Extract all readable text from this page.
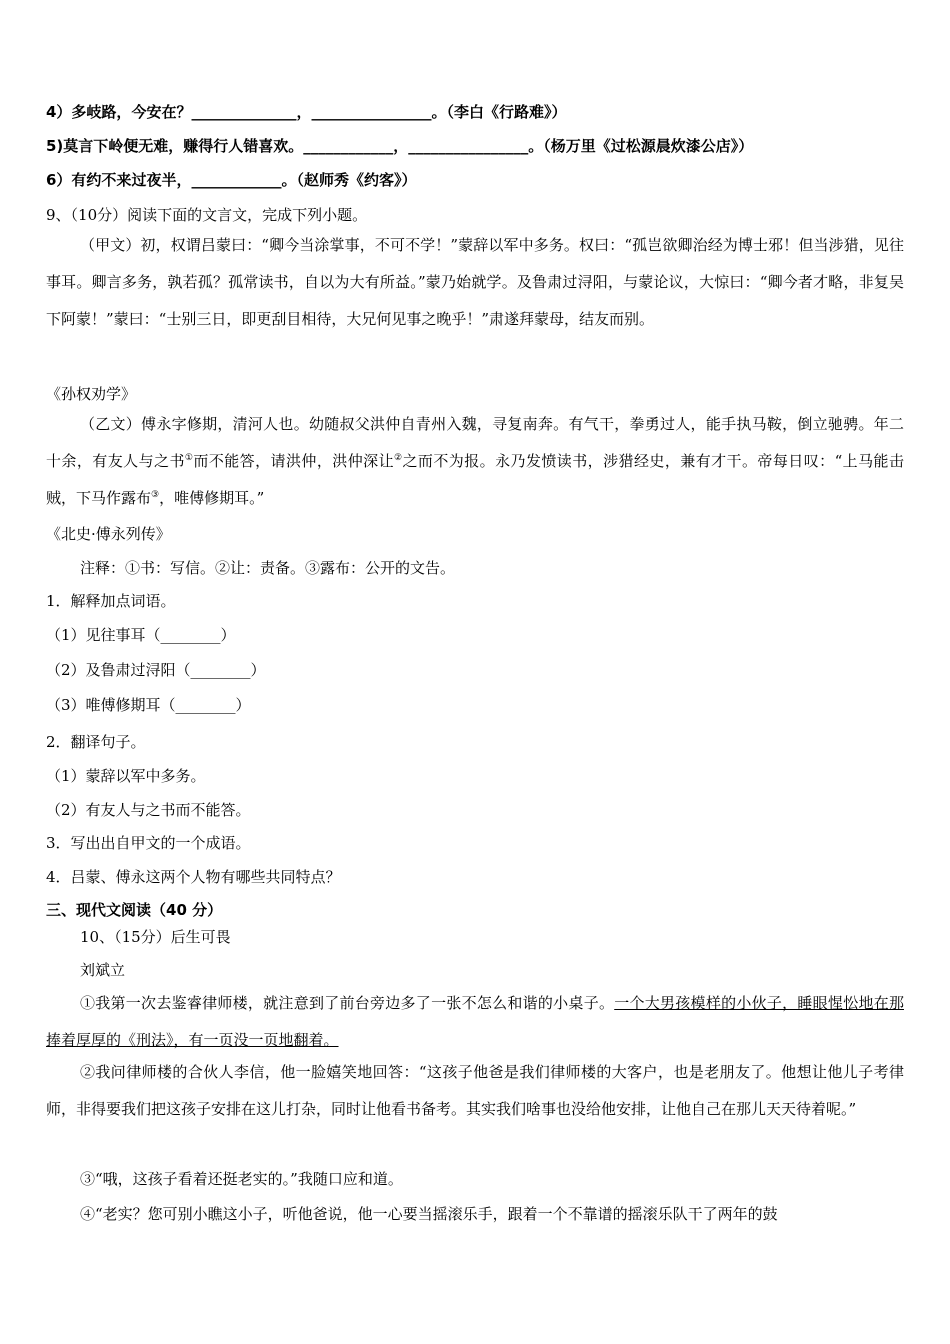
4）多岐路，今安在？______________，________________。（李白《行路难》）
5)莫言下岭便无难，赚得行人错喜欢。____________，________________。（杨万里《过松源晨炊漆公店》）
6）有约不来过夜半，____________。（赵师秀《约客》）
9、（10分）阅读下面的文言文，完成下列小题。
（甲文）初，权谓吕蒙曰：“卿今当涂掌事，不可不学！”蒙辞以军中多务。权曰：“孤岂欲卿治经为博士邪！但当涉猎，见往事耳。卿言多务，孰若孤？孤常读书，自以为大有所益。”蒙乃始就学。及鲁肃过浔阳，与蒙论议，大惊曰：“卿今者才略，非复吴下阿蒙！”蒙曰：“士别三日，即更刮目相待，大兄何见事之晚乎！”肃遂拜蒙母，结友而别。
《孙权劝学》
（乙文）傅永字修期，清河人也。幼随叔父洪仲自青州入魏，寻复南奔。有气干，拳勇过人，能手执马鞍，倒立驰骋。年二十余，有友人与之书①而不能答，请洪仲，洪仲深让②之而不为报。永乃发愤读书，涉猎经史，兼有才干。帝每日叹：“上马能击贼，下马作露布③，唯傅修期耳。”
《北史·傅永列传》
注释：①书：写信。②让：责备。③露布：公开的文告。
1．解释加点词语。
（1）见往事耳（________）
（2）及鲁肃过浔阳（________）
（3）唯傅修期耳（________）
2．翻译句子。
（1）蒙辞以军中多务。
（2）有友人与之书而不能答。
3．写出出自甲文的一个成语。
4．吕蒙、傅永这两个人物有哪些共同特点？
三、现代文阅读（40 分）
10、（15分）后生可畏
刘斌立
①我第一次去鉴睿律师楼，就注意到了前台旁边多了一张不怎么和谐的小桌子。一个大男孩模样的小伙子，睡眼惺忪地在那捧着厚厚的《刑法》，有一页没一页地翻着。
②我问律师楼的合伙人李信，他一脸嬉笑地回答：“这孩子他爸是我们律师楼的大客户，也是老朋友了。他想让他儿子考律师，非得要我们把这孩子安排在这儿打杂，同时让他看书备考。其实我们啥事也没给他安排，让他自己在那儿天天待着呢。”
③“哦，这孩子看着还挺老实的。”我随口应和道。
④“老实？您可别小瞧这小子，听他爸说，他一心要当摇滚乐手，跟着一个不靠谱的摇滚乐队干了两年的鼓
